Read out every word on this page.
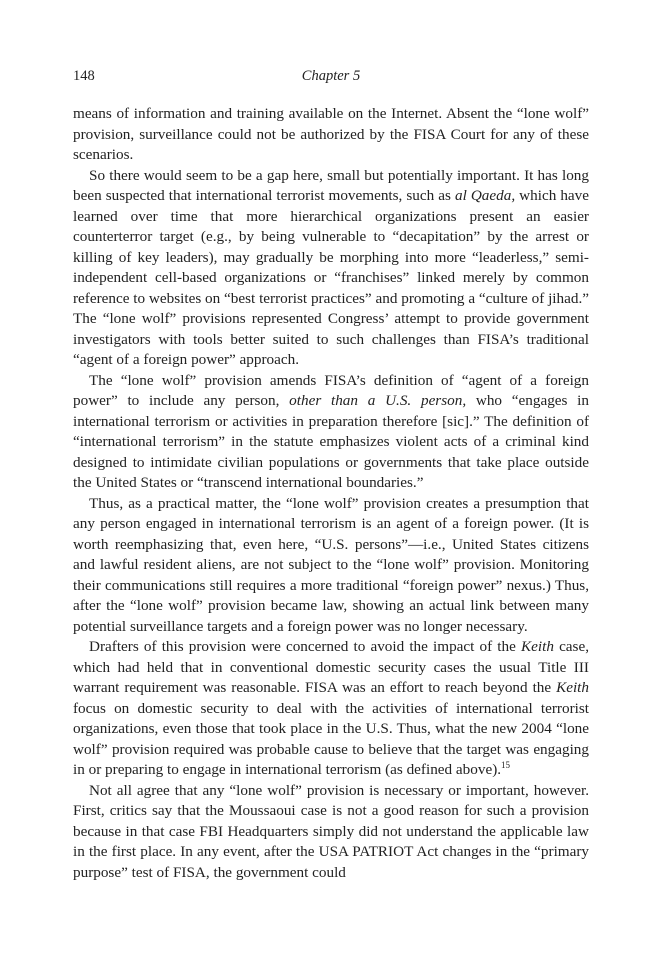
148	Chapter 5

means of information and training available on the Internet. Absent the “lone wolf” provision, surveillance could not be authorized by the FISA Court for any of these scenarios.

So there would seem to be a gap here, small but potentially important. It has long been suspected that international terrorist movements, such as al Qaeda, which have learned over time that more hierarchical organizations present an easier counterterror target (e.g., by being vulnerable to “decapitation” by the arrest or killing of key leaders), may gradually be morphing into more “leaderless,” semi-independent cell-based organizations or “franchises” linked merely by common reference to websites on “best terrorist practices” and promoting a “culture of jihad.” The “lone wolf” provisions represented Congress’ attempt to provide government investigators with tools better suited to such challenges than FISA’s traditional “agent of a foreign power” approach.

The “lone wolf” provision amends FISA’s definition of “agent of a foreign power” to include any person, other than a U.S. person, who “engages in international terrorism or activities in preparation therefore [sic].” The definition of “international terrorism” in the statute emphasizes violent acts of a criminal kind designed to intimidate civilian populations or governments that take place outside the United States or “transcend international boundaries.”

Thus, as a practical matter, the “lone wolf” provision creates a presumption that any person engaged in international terrorism is an agent of a foreign power. (It is worth reemphasizing that, even here, “U.S. persons”—i.e., United States citizens and lawful resident aliens, are not subject to the “lone wolf” provision. Monitoring their communications still requires a more traditional “foreign power” nexus.) Thus, after the “lone wolf” provision became law, showing an actual link between many potential surveillance targets and a foreign power was no longer necessary.

Drafters of this provision were concerned to avoid the impact of the Keith case, which had held that in conventional domestic security cases the usual Title III warrant requirement was reasonable. FISA was an effort to reach beyond the Keith focus on domestic security to deal with the activities of international terrorist organizations, even those that took place in the U.S. Thus, what the new 2004 “lone wolf” provision required was probable cause to believe that the target was engaging in or preparing to engage in international terrorism (as defined above).$^{15}$

Not all agree that any “lone wolf” provision is necessary or important, however. First, critics say that the Moussaoui case is not a good reason for such a provision because in that case FBI Headquarters simply did not understand the applicable law in the first place. In any event, after the USA PATRIOT Act changes in the “primary purpose” test of FISA, the government could
